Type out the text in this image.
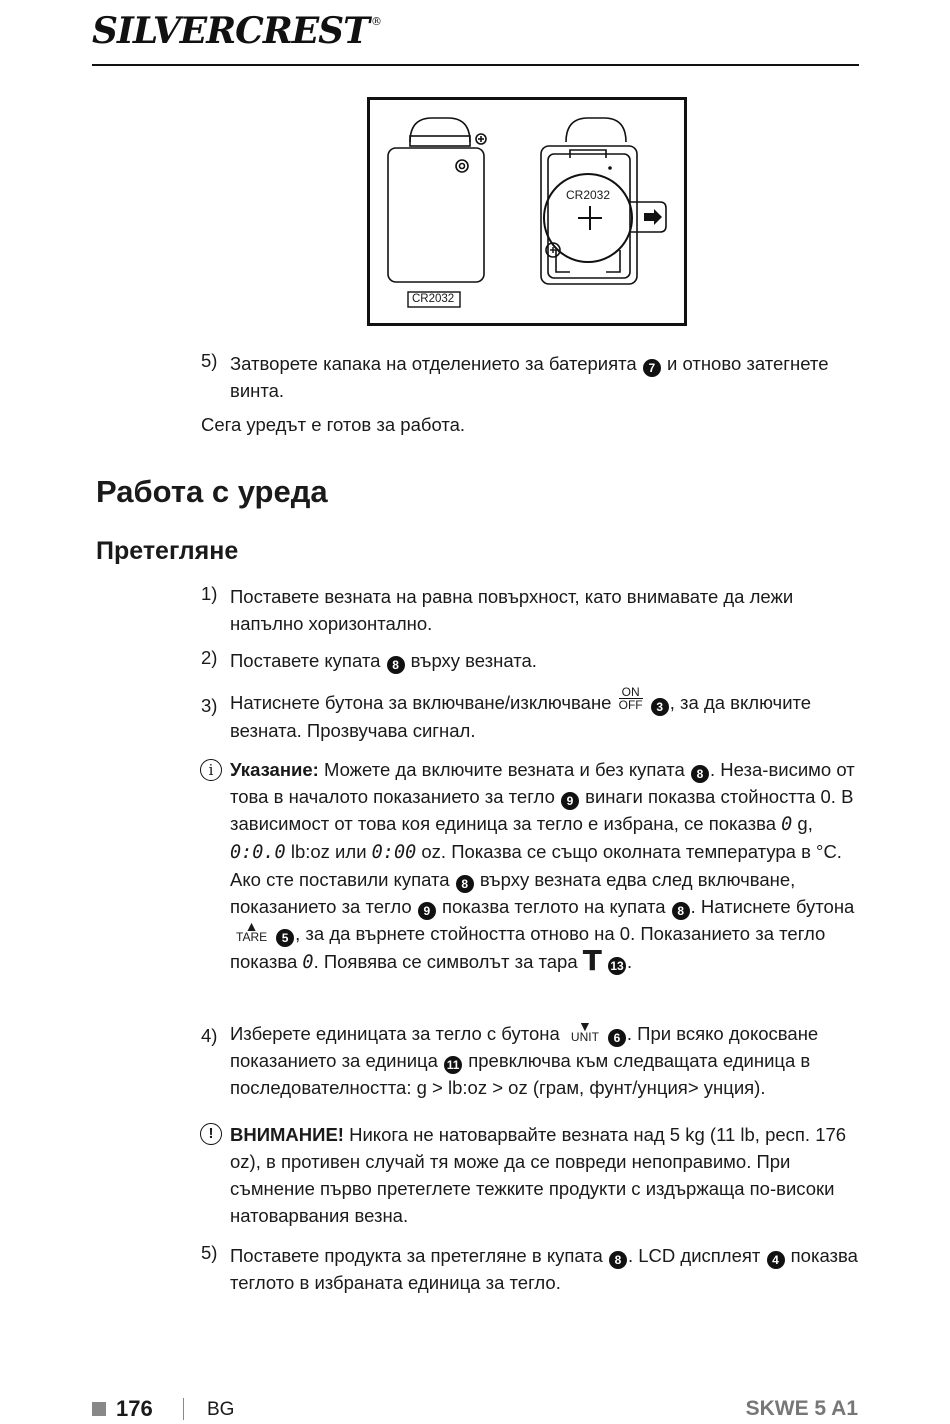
SILVERCREST ®
CR2032
CR2032
5) Затворете капака на отделението за батерията 7 и отново затегнете винта.
Сега уредът е готов за работа.
Работа с уреда
Претегляне
1) Поставете везната на равна повърхност, като внимавате да лежи напълно хоризонтално.
2) Поставете купата 8 върху везната.
3) Натиснете бутона за включване/изключване ON
OFF 3 , за да включите везната. Прозвучава сигнал.
i Указание: Можете да включите везната и без купата 8 . Неза-висимо от това в началото показанието за тегло 9 винаги показва стойността 0. В зависимост от това коя единица за тегло е избрана, се показва 0 g, 0:0.0 lb:oz или 0:00 oz. Показва се също околната температура в °C.
Ако сте поставили купата 8 върху везната едва след включване, показанието за тегло 9 показва теглото на купата 8 . Натиснете бутона
▲
TARE 5 , за да върнете стойността отново на 0. Показанието за тегло показва 0. Появява се символът за тара T 13 .
4) Изберете единицата за тегло с бутона ▼
UNIT 6 . При всяко докосване показанието за единица 11 превключва към следващата единица в последователността: g > lb:oz > oz (грам, фунт/унция> унция).
! ВНИМАНИЕ! Никога не натоварвайте везната над 5 kg (11 lb, респ. 176 oz), в противен случай тя може да се повреди непоправимо. При съмнение първо претеглете тежките продукти с издържаща по-високи натоварвания везна.
5) Поставете продукта за претегляне в купата 8 . LCD дисплеят 4 показва теглото в избраната единица за тегло.
176	BG	SKWE 5 A1
